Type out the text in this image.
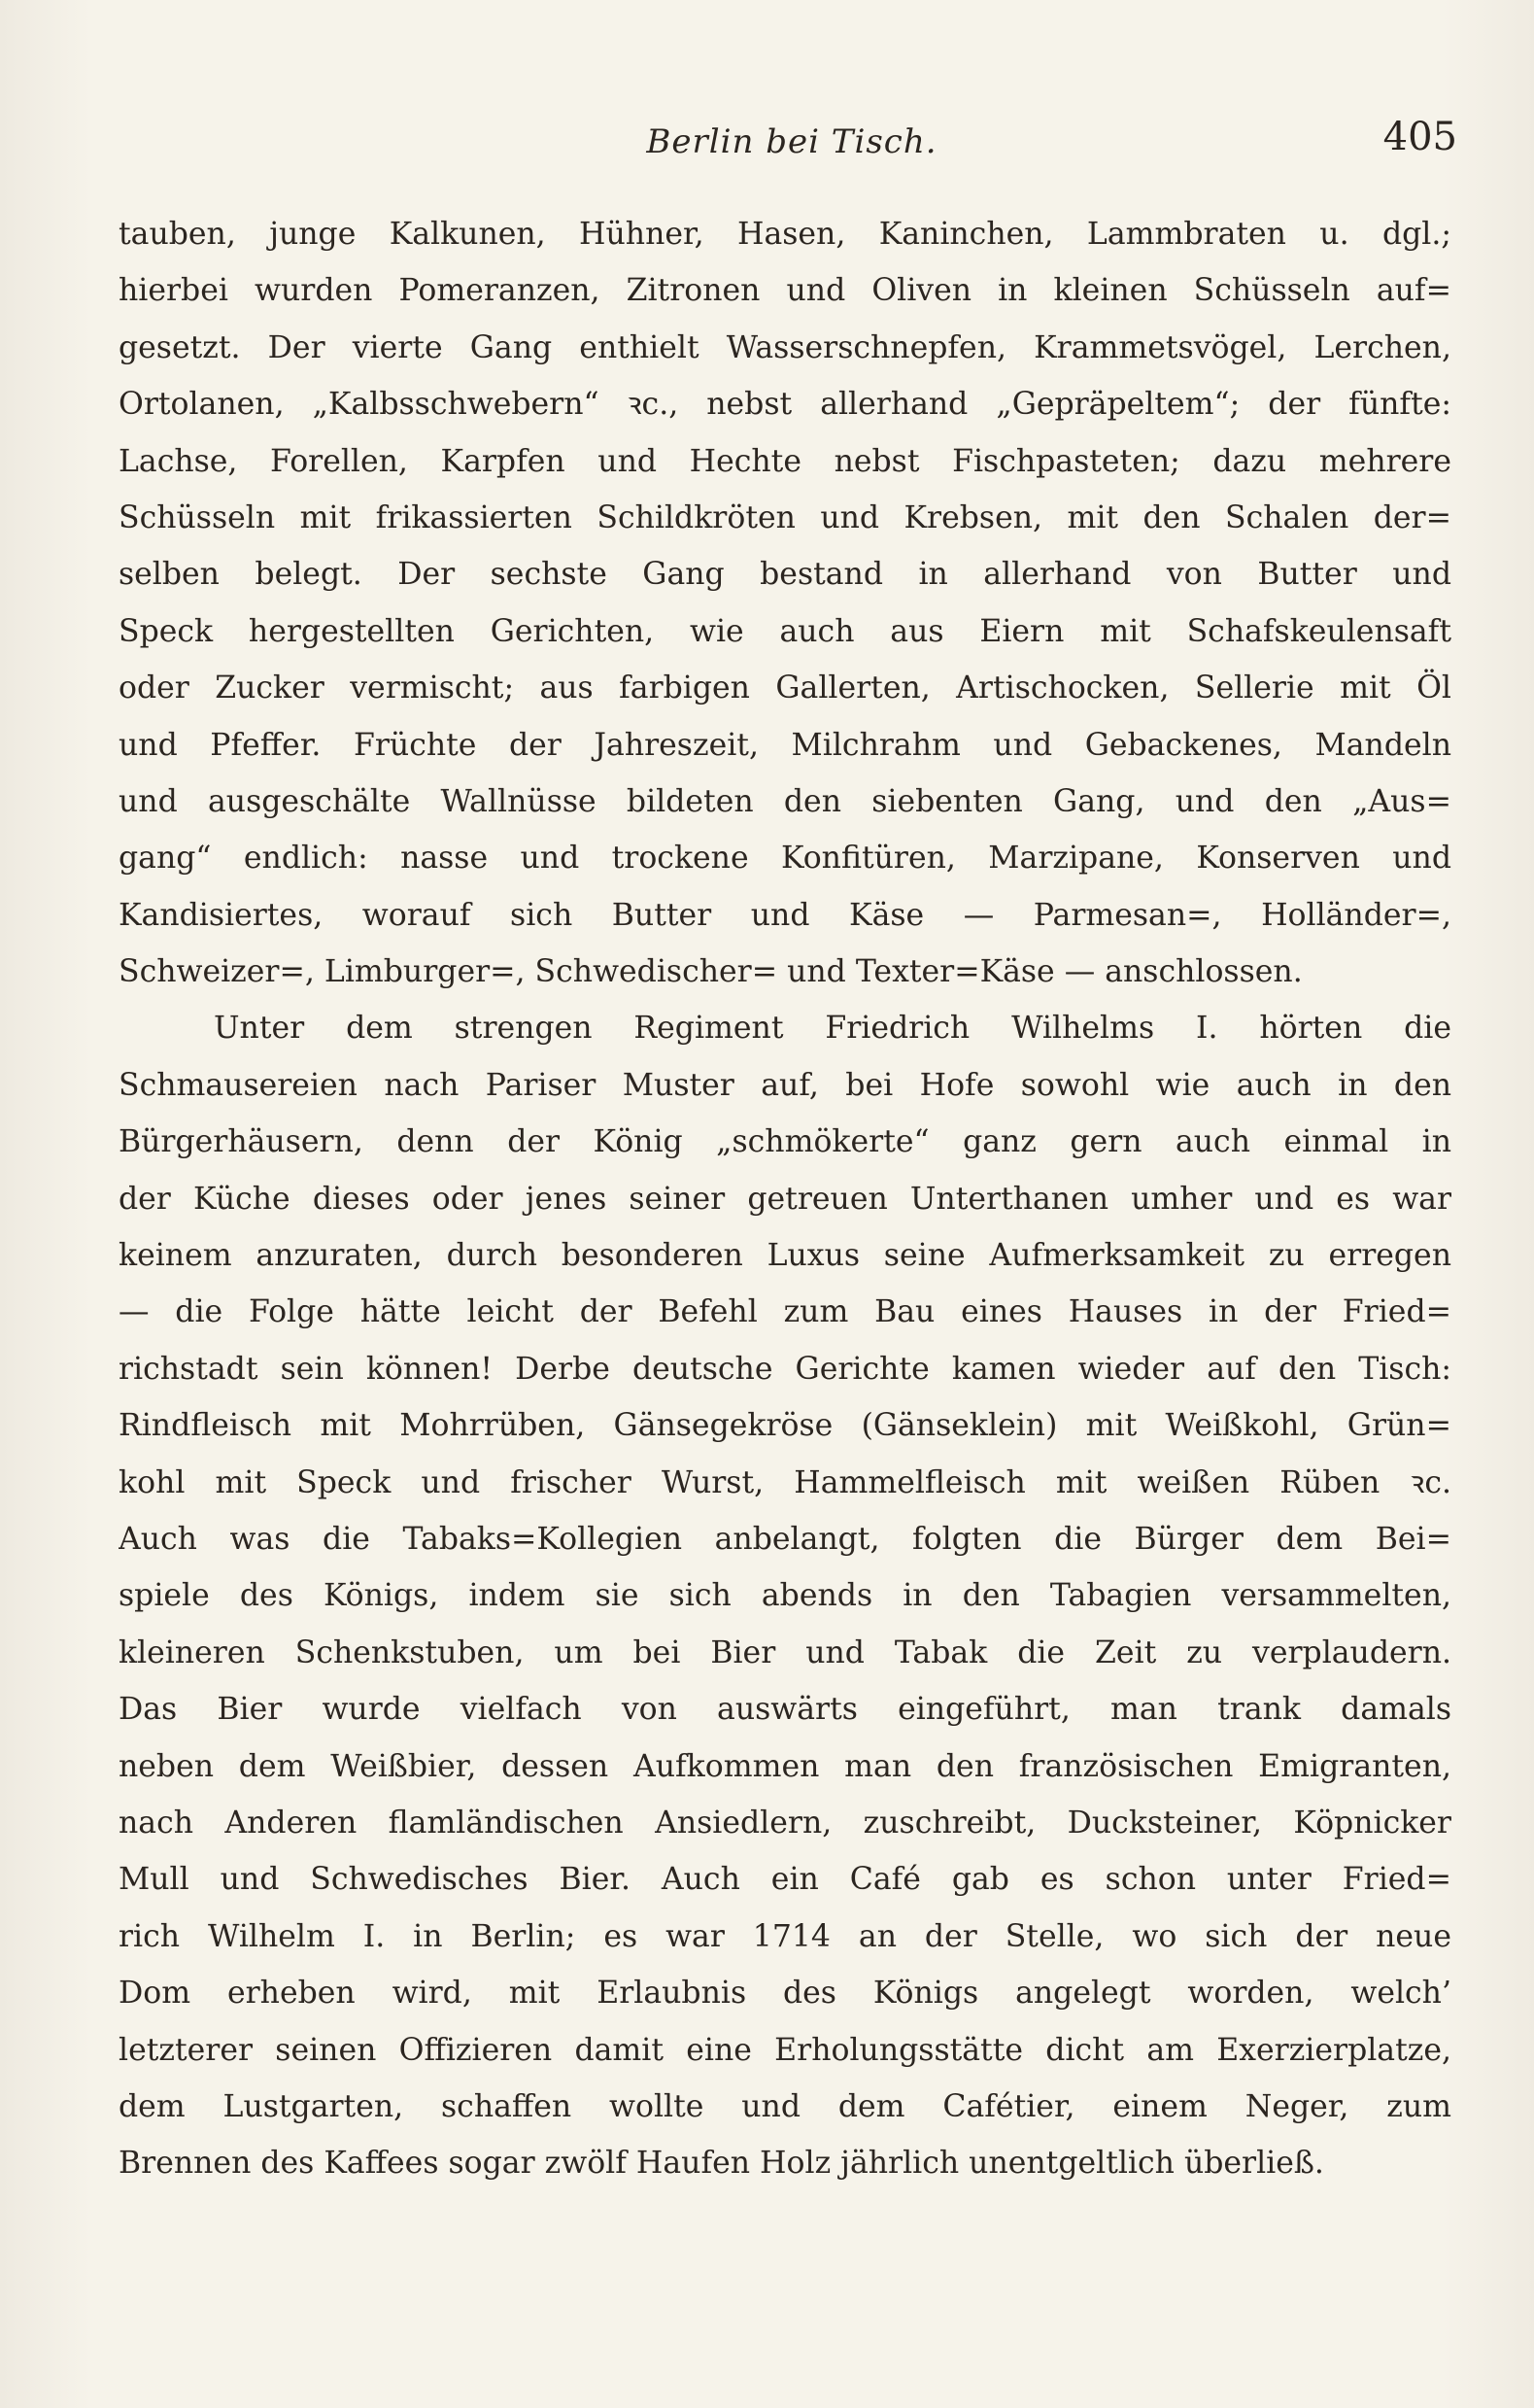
Berlin bei Tisch.	405
tauben, junge Kalkunen, Hühner, Hasen, Kaninchen, Lammbraten u. dgl.;
hierbei wurden Pomeranzen, Zitronen und Oliven in kleinen Schüsseln auf=
gesetzt. Der vierte Gang enthielt Wasserschnepfen, Krammetsvögel, Lerchen,
Ortolanen, „Kalbsschwebern“ ꝛc., nebst allerhand „Gepräpeltem“; der fünfte:
Lachse, Forellen, Karpfen und Hechte nebst Fischpasteten; dazu mehrere
Schüsseln mit frikassierten Schildkröten und Krebsen, mit den Schalen der=
selben belegt. Der sechste Gang bestand in allerhand von Butter und
Speck hergestellten Gerichten, wie auch aus Eiern mit Schafskeulensaft
oder Zucker vermischt; aus farbigen Gallerten, Artischocken, Sellerie mit Öl
und Pfeffer. Früchte der Jahreszeit, Milchrahm und Gebackenes, Mandeln
und ausgeschälte Wallnüsse bildeten den siebenten Gang, und den „Aus=
gang“ endlich: nasse und trockene Konfitüren, Marzipane, Konserven und
Kandisiertes, worauf sich Butter und Käse — Parmesan=, Holländer=,
Schweizer=, Limburger=, Schwedischer= und Texter=Käse — anschlossen.
Unter dem strengen Regiment Friedrich Wilhelms I. hörten die
Schmausereien nach Pariser Muster auf, bei Hofe sowohl wie auch in den
Bürgerhäusern, denn der König „schmökerte“ ganz gern auch einmal in
der Küche dieses oder jenes seiner getreuen Unterthanen umher und es war
keinem anzuraten, durch besonderen Luxus seine Aufmerksamkeit zu erregen
— die Folge hätte leicht der Befehl zum Bau eines Hauses in der Fried=
richstadt sein können! Derbe deutsche Gerichte kamen wieder auf den Tisch:
Rindfleisch mit Mohrrüben, Gänsegekröse (Gänseklein) mit Weißkohl, Grün=
kohl mit Speck und frischer Wurst, Hammelfleisch mit weißen Rüben ꝛc.
Auch was die Tabaks=Kollegien anbelangt, folgten die Bürger dem Bei=
spiele des Königs, indem sie sich abends in den Tabagien versammelten,
kleineren Schenkstuben, um bei Bier und Tabak die Zeit zu verplaudern.
Das Bier wurde vielfach von auswärts eingeführt, man trank damals
neben dem Weißbier, dessen Aufkommen man den französischen Emigranten,
nach Anderen flamländischen Ansiedlern, zuschreibt, Ducksteiner, Köpnicker
Mull und Schwedisches Bier. Auch ein Café gab es schon unter Fried=
rich Wilhelm I. in Berlin; es war 1714 an der Stelle, wo sich der neue
Dom erheben wird, mit Erlaubnis des Königs angelegt worden, welch’
letzterer seinen Offizieren damit eine Erholungsstätte dicht am Exerzierplatze,
dem Lustgarten, schaffen wollte und dem Cafétier, einem Neger, zum
Brennen des Kaffees sogar zwölf Haufen Holz jährlich unentgeltlich überließ.
